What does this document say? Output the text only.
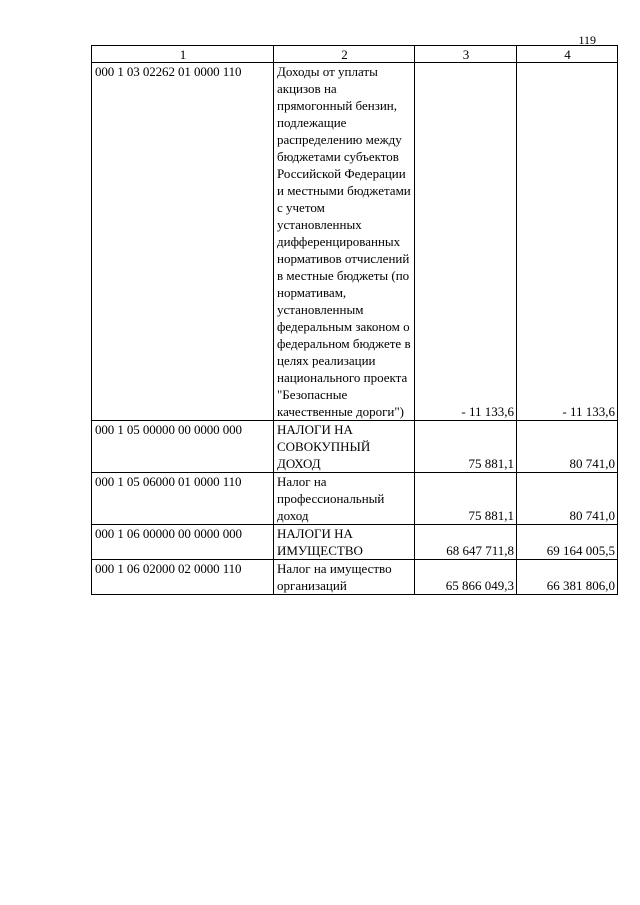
119
1	2	3	4
000 1 03 02262 01 0000 110	Доходы от уплаты акцизов на прямогонный бензин, подлежащие распределению между бюджетами субъектов Российской Федерации и местными бюджетами с учетом установленных дифференцированных нормативов отчислений в местные бюджеты (по нормативам, установленным федеральным законом о федеральном бюджете в целях реализации национального проекта "Безопасные качественные дороги")	- 11 133,6	- 11 133,6
000 1 05 00000 00 0000 000	НАЛОГИ НА СОВОКУПНЫЙ ДОХОД	75 881,1	80 741,0
000 1 05 06000 01 0000 110	Налог на профессиональный доход	75 881,1	80 741,0
000 1 06 00000 00 0000 000	НАЛОГИ НА ИМУЩЕСТВО	68 647 711,8	69 164 005,5
000 1 06 02000 02 0000 110	Налог на имущество организаций	65 866 049,3	66 381 806,0
